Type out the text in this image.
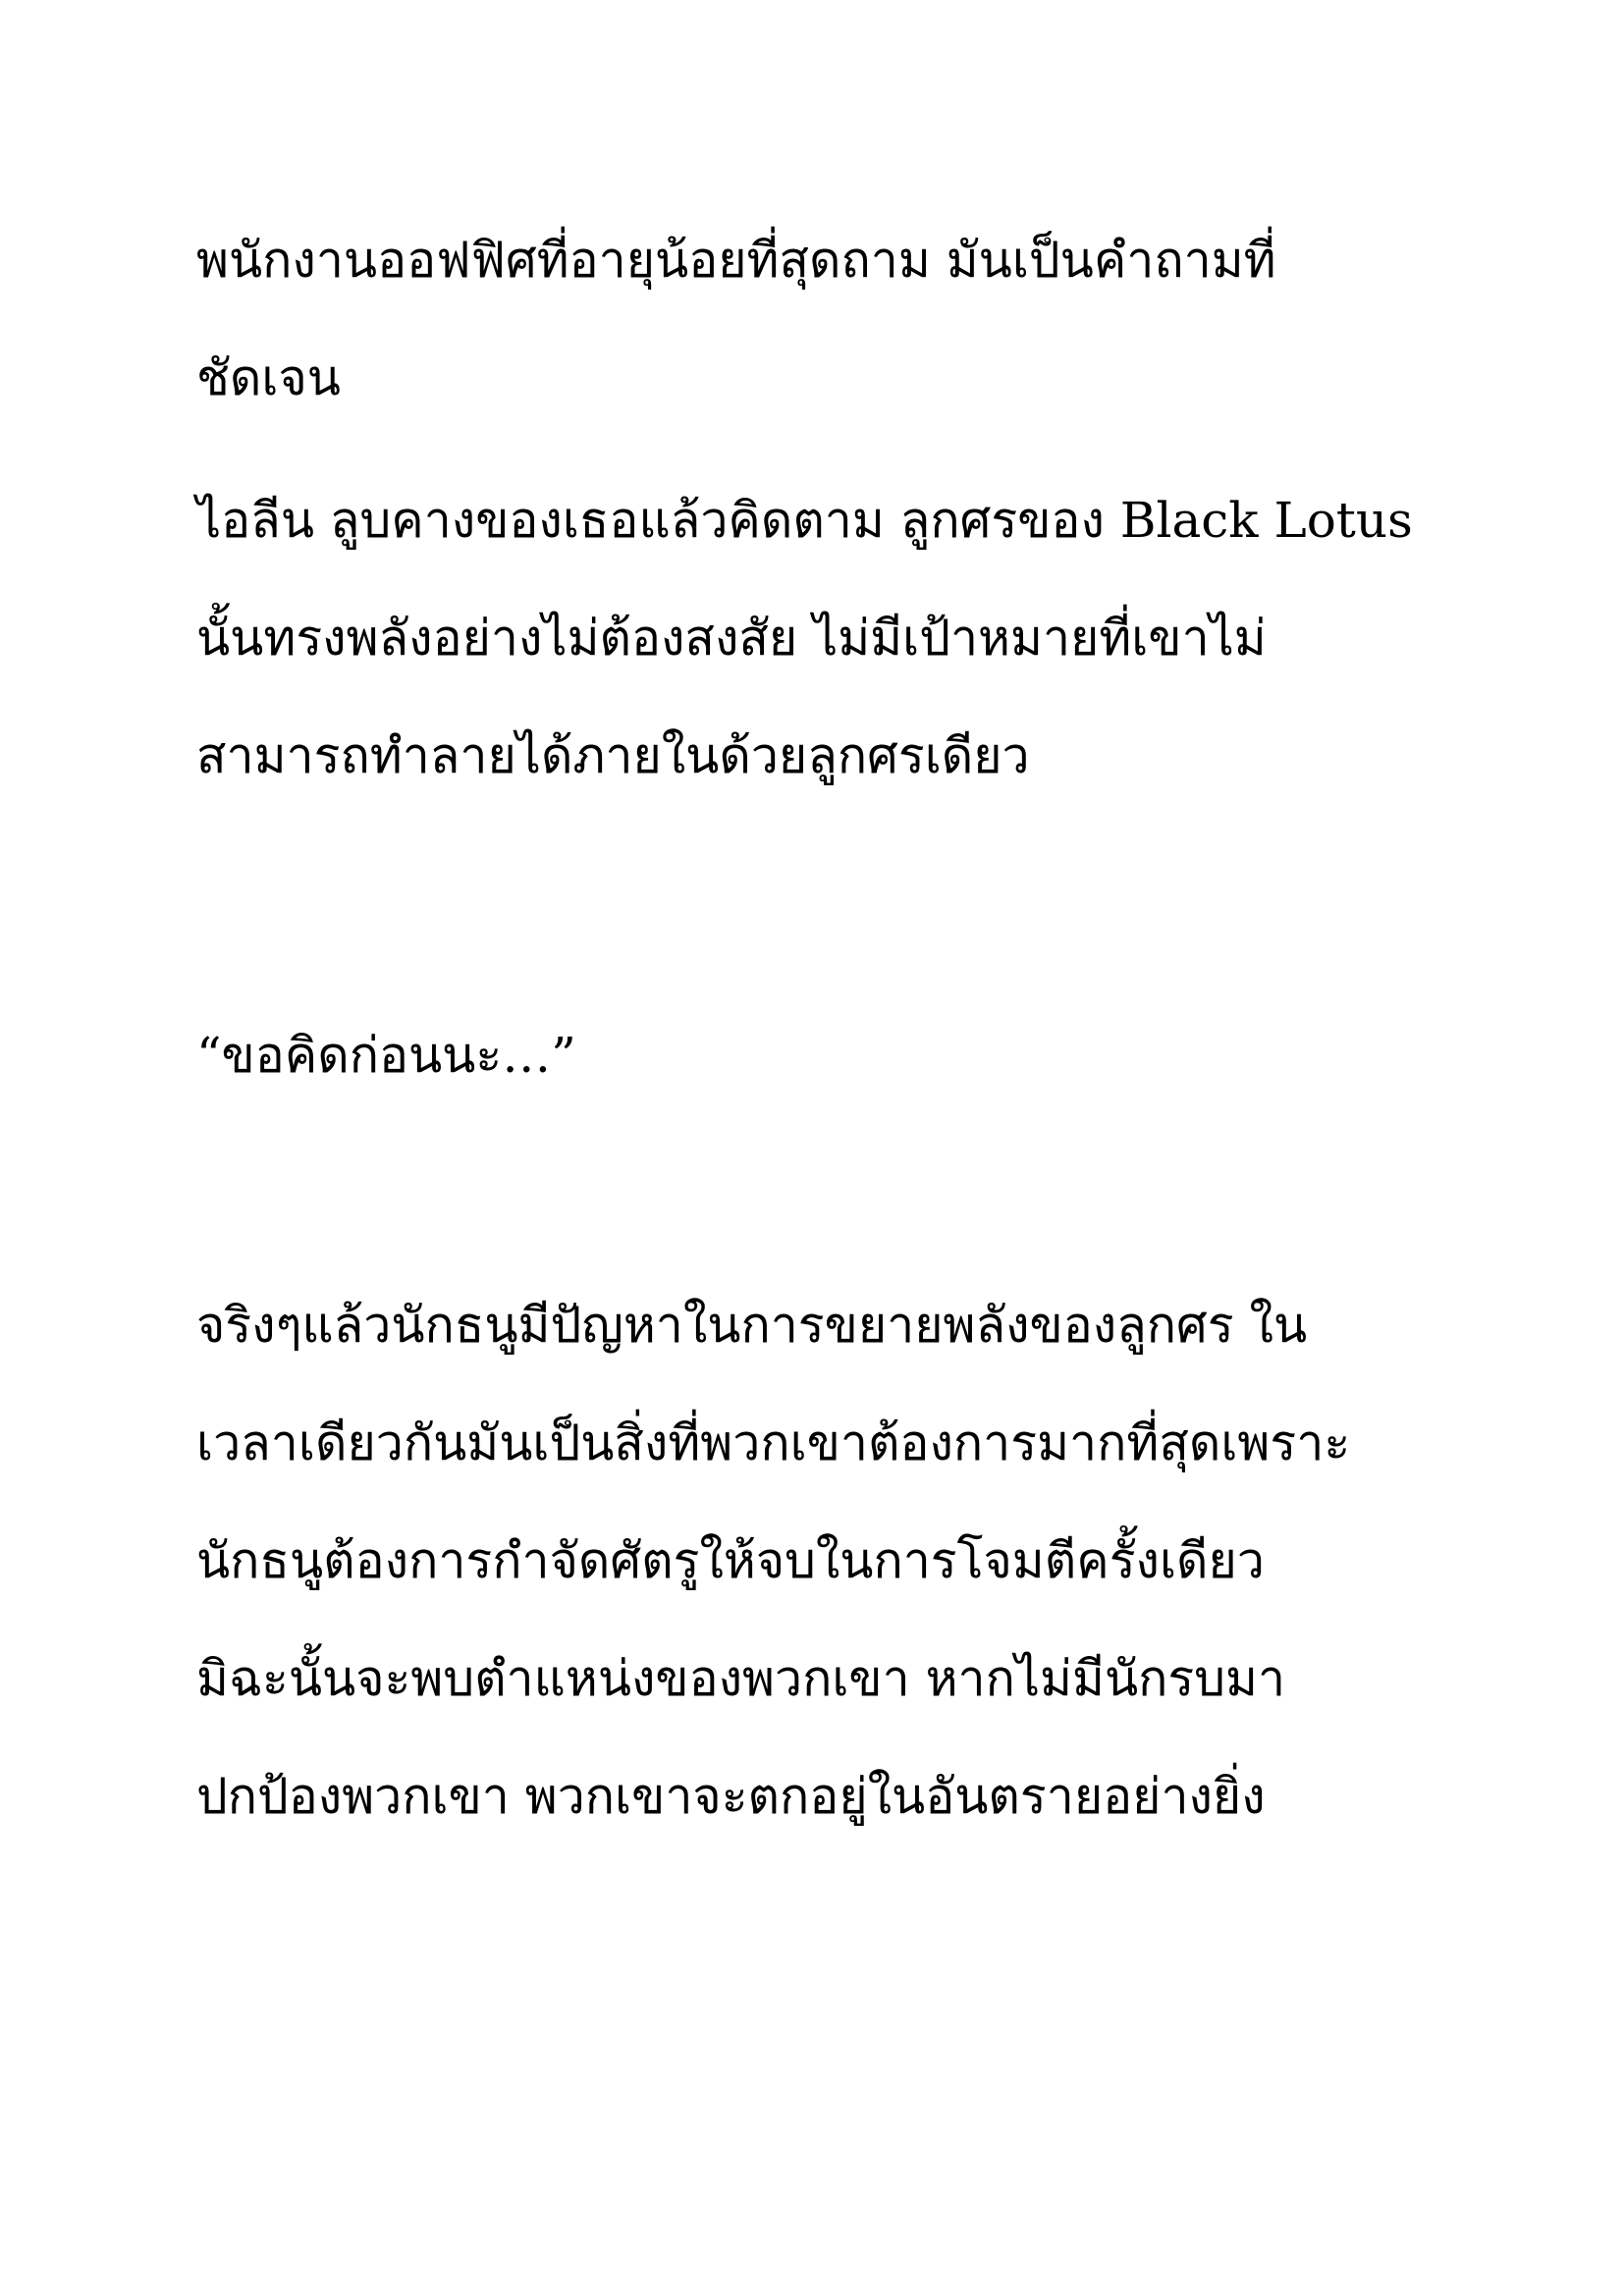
พนักงานออฟฟิศที่อายุน้อยที่สุดถาม มันเป็นคำถามที่

ชัดเจน

ไอลีน ลูบคางของเธอแล้วคิดตาม ลูกศรของ Black Lotus

นั้นทรงพลังอย่างไม่ต้องสงสัย ไม่มีเป้าหมายที่เขาไม่

สามารถทำลายได้ภายในด้วยลูกศรเดียว

“ขอคิดก่อนนะ…”

จริงๆแล้วนักธนูมีปัญหาในการขยายพลังของลูกศร ใน

เวลาเดียวกันมันเป็นสิ่งที่พวกเขาต้องการมากที่สุดเพราะ

นักธนูต้องการกำจัดศัตรูให้จบในการโจมตีครั้งเดียว

มิฉะนั้นจะพบตำแหน่งของพวกเขา หากไม่มีนักรบมา

ปกป้องพวกเขา พวกเขาจะตกอยู่ในอันตรายอย่างยิ่ง
